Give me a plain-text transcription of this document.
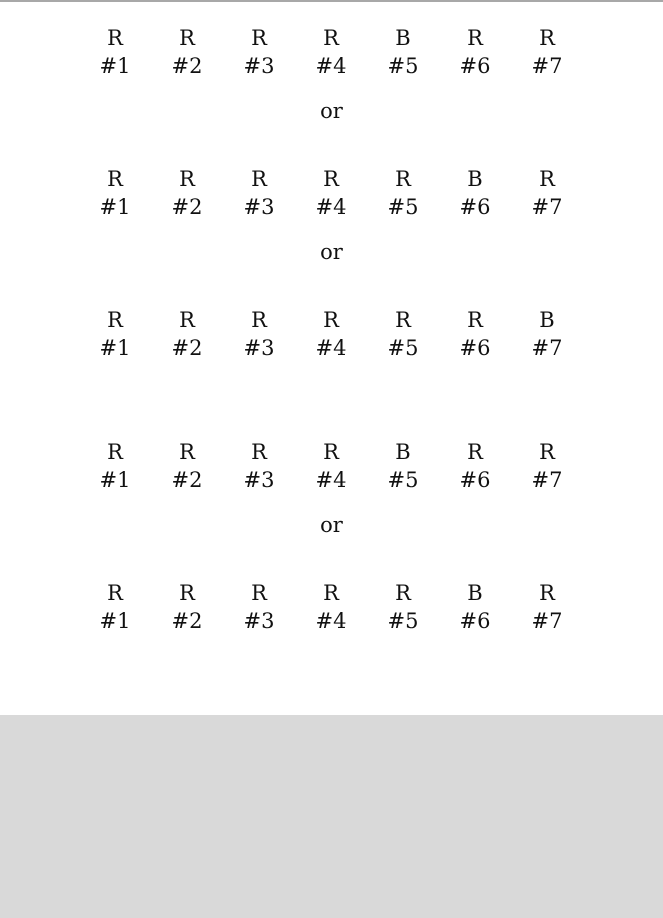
R
#1
R
#2
R
#3
R
#4
B
#5
R
#6
R
#7
or
R
#1
R
#2
R
#3
R
#4
R
#5
B
#6
R
#7
or
R
#1
R
#2
R
#3
R
#4
R
#5
R
#6
B
#7
R
#1
R
#2
R
#3
R
#4
B
#5
R
#6
R
#7
or
R
#1
R
#2
R
#3
R
#4
R
#5
B
#6
R
#7
